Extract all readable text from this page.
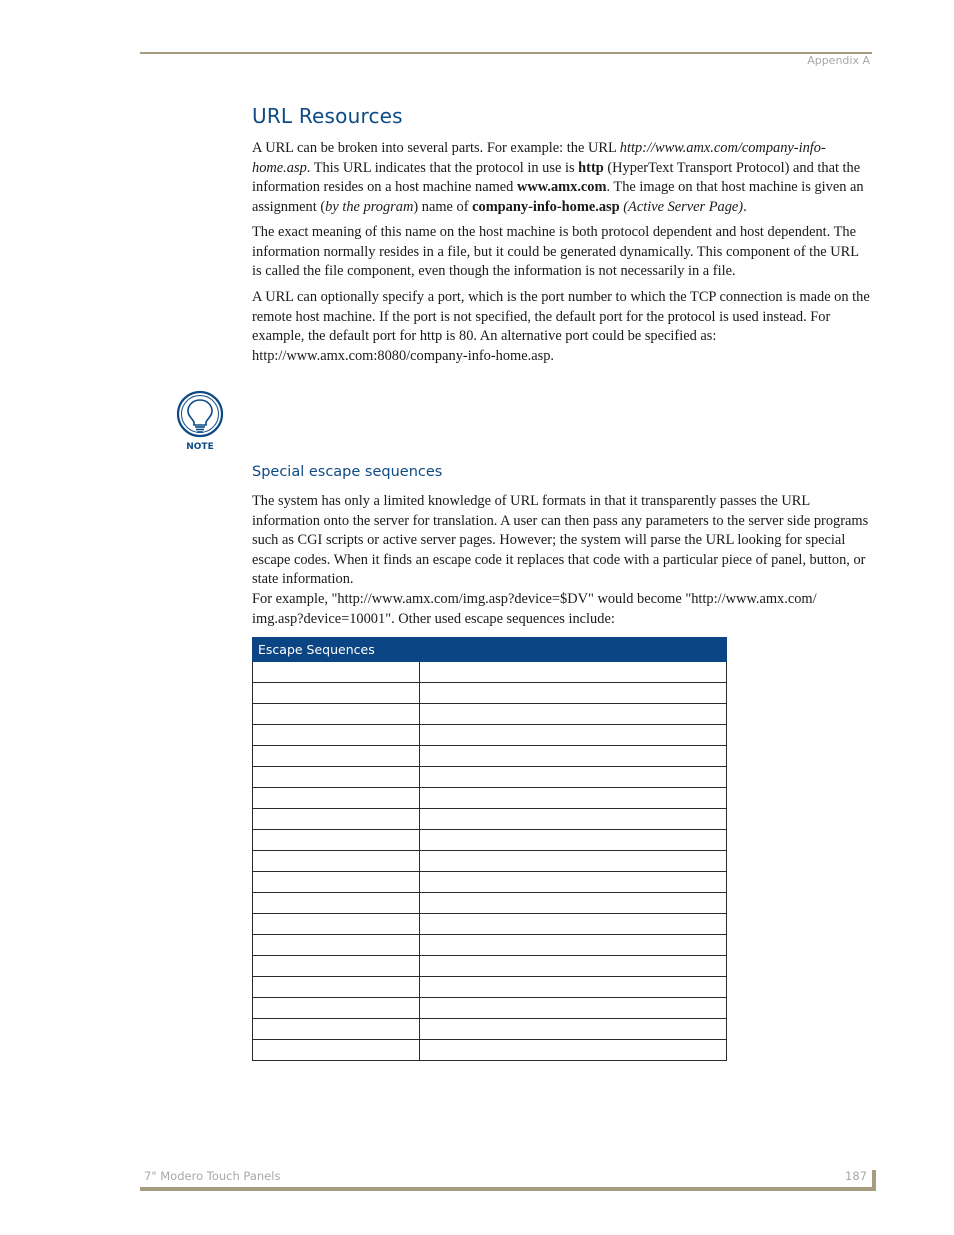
Appendix A
URL Resources

A URL can be broken into several parts. For example: the URL http://www.amx.com/company-info-home.asp. This URL indicates that the protocol in use is http (HyperText Transport Protocol) and that the information resides on a host machine named www.amx.com. The image on that host machine is given an assignment (by the program) name of company-info-home.asp (Active Server Page).

The exact meaning of this name on the host machine is both protocol dependent and host dependent. The information normally resides in a file, but it could be generated dynamically. This component of the URL is called the file component, even though the information is not necessarily in a file.

A URL can optionally specify a port, which is the port number to which the TCP connection is made on the remote host machine. If the port is not specified, the default port for the protocol is used instead. For example, the default port for http is 80. An alternative port could be specified as: http://www.amx.com:8080/company-info-home.asp.

NOTE
Special escape sequences

The system has only a limited knowledge of URL formats in that it transparently passes the URL information onto the server for translation. A user can then pass any parameters to the server side programs such as CGI scripts or active server pages. However; the system will parse the URL looking for special escape codes. When it finds an escape code it replaces that code with a particular piece of panel, button, or state information.

For example, "http://www.amx.com/img.asp?device=$DV" would become "http://www.amx.com/ img.asp?device=10001". Other used escape sequences include:

Escape Sequences	

7" Modero Touch Panels	187
